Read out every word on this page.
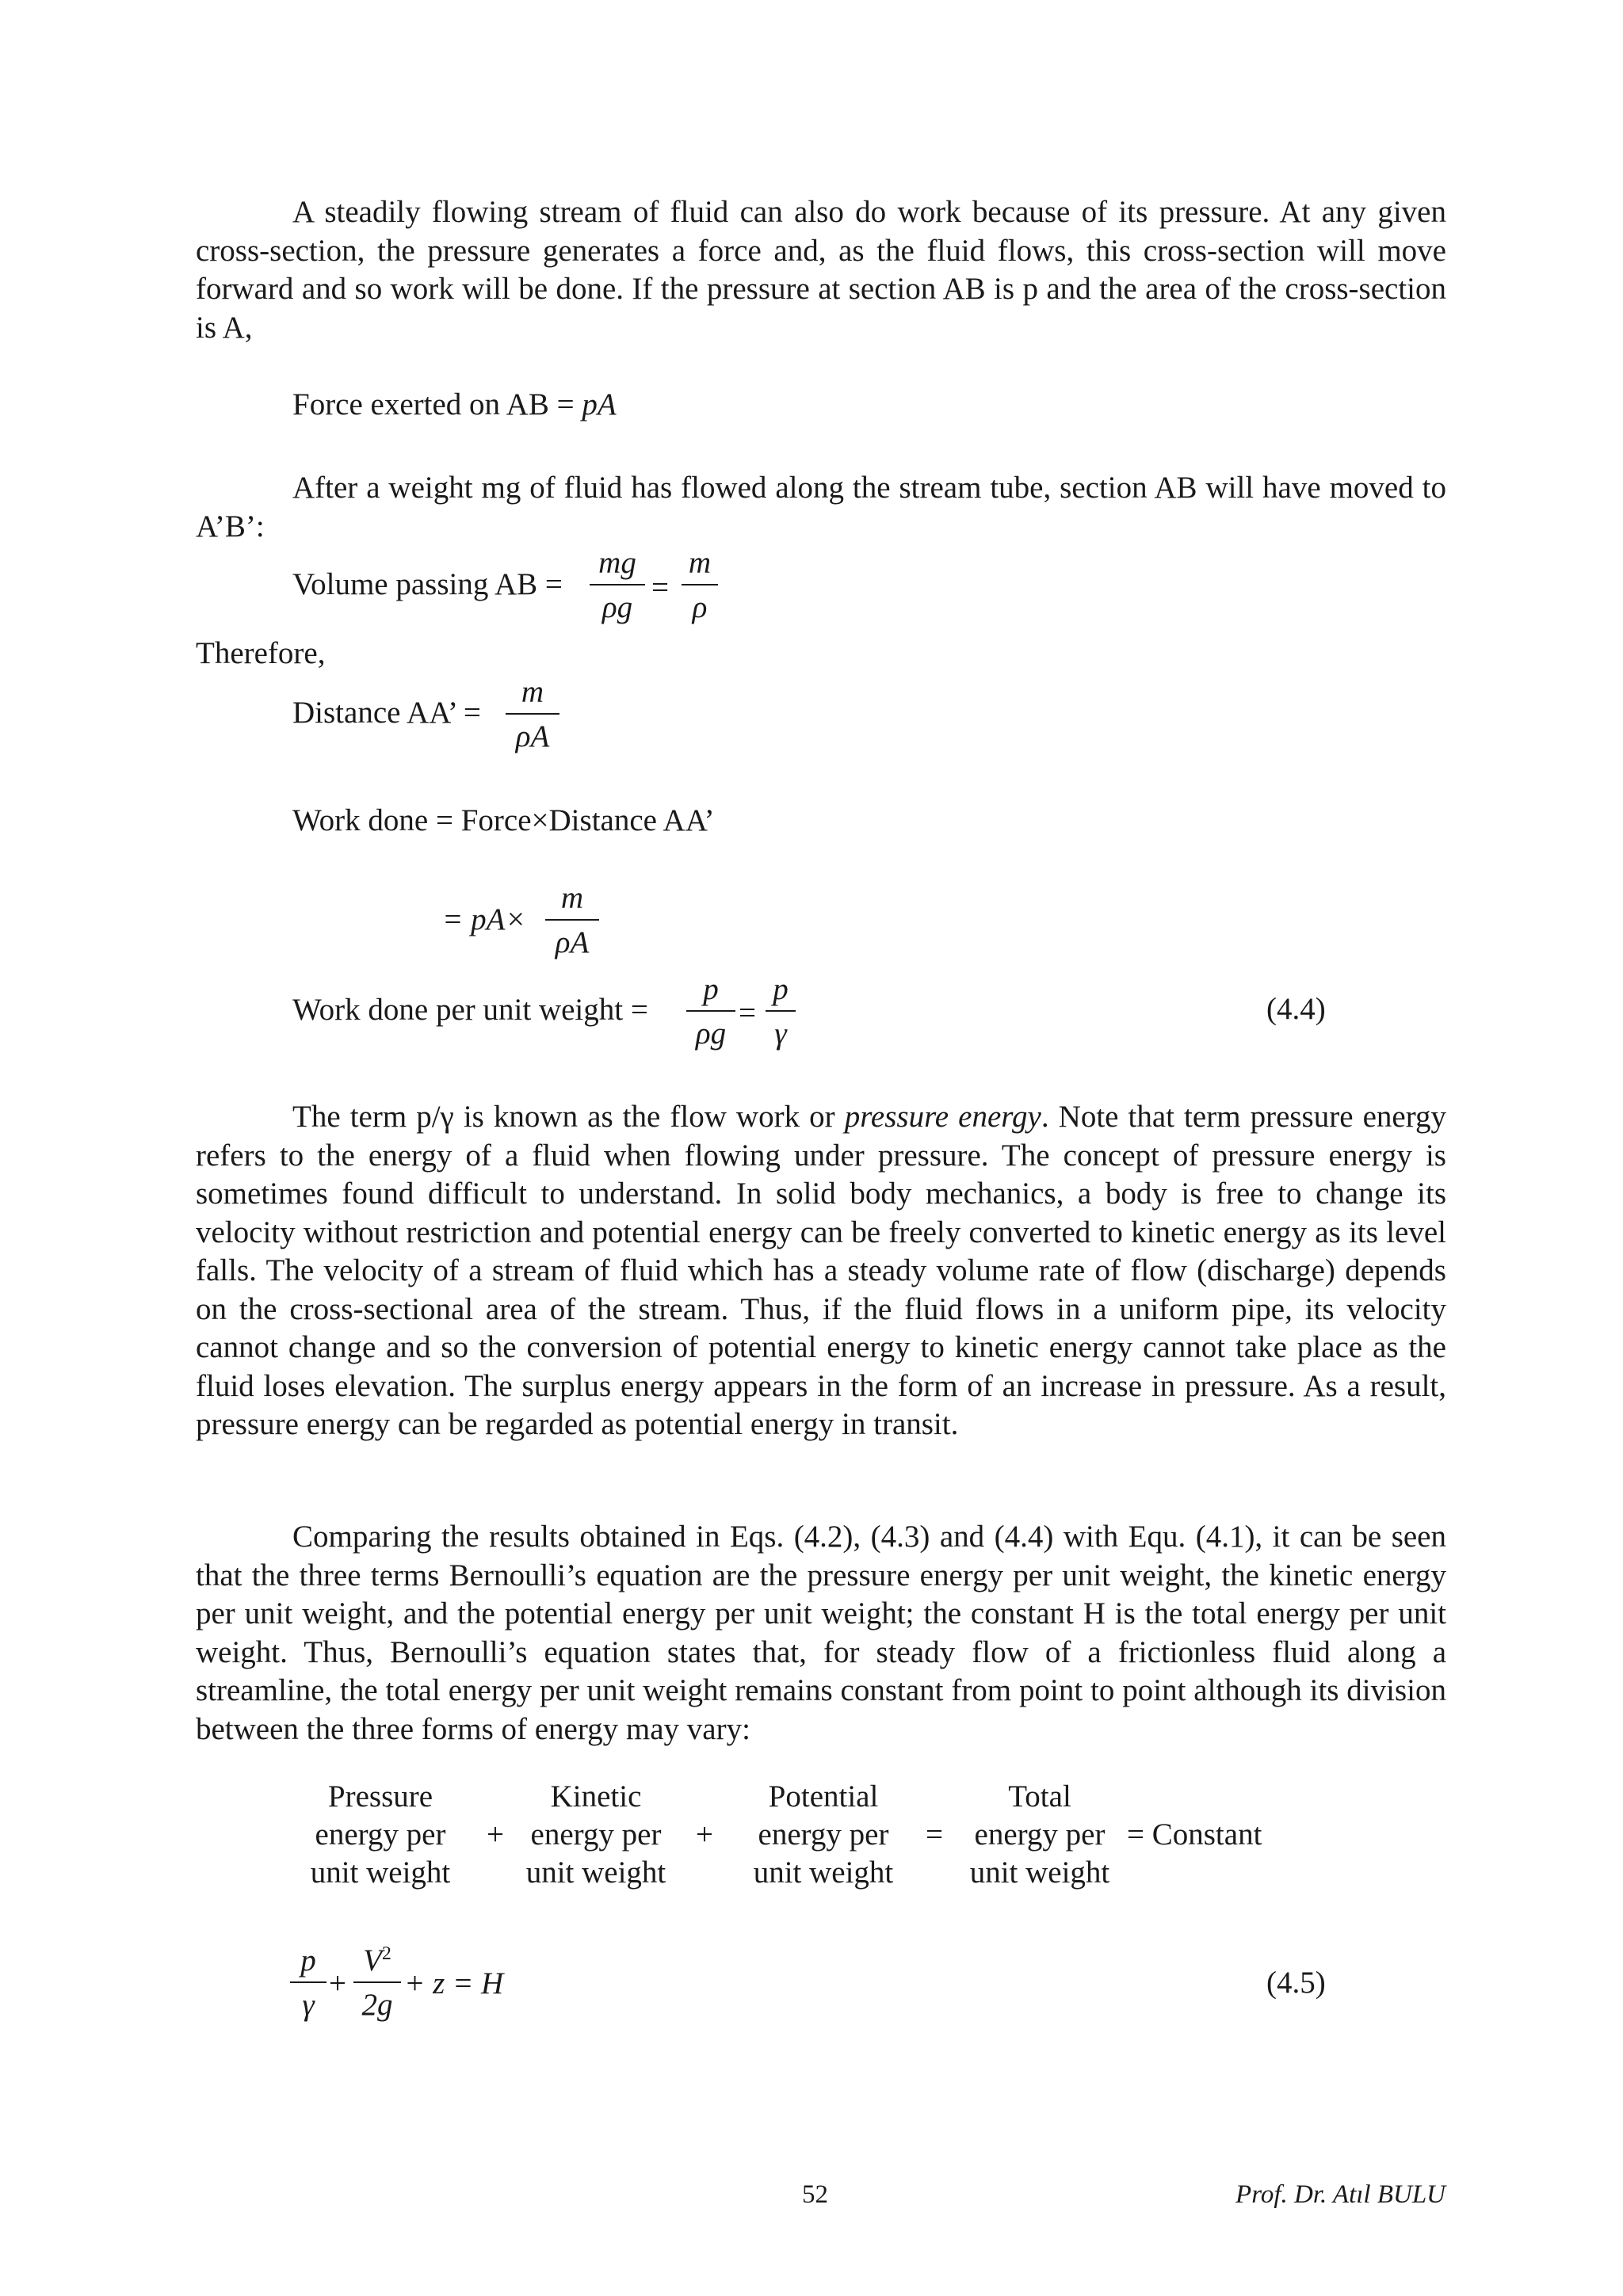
A steadily flowing stream of fluid can also do work because of its pressure. At any given cross-section, the pressure generates a force and, as the fluid flows, this cross-section will move forward and so work will be done. If the pressure at section AB is p and the area of the cross-section is A,

Force exerted on AB = pA

After a weight mg of fluid has flowed along the stream tube, section AB will have moved to A’B’:

Volume passing AB =
mg
ρg
=
m
ρ
Therefore,
Distance AA’ =
m
ρA
Work done = Force×Distance AA’
= pA×
m
ρA
Work done per unit weight =
p
ρg
=
p
γ
(4.4)

The term p/γ is known as the flow work or pressure energy. Note that term pressure energy refers to the energy of a fluid when flowing under pressure. The concept of pressure energy is sometimes found difficult to understand. In solid body mechanics, a body is free to change its velocity without restriction and potential energy can be freely converted to kinetic energy as its level falls. The velocity of a stream of fluid which has a steady volume rate of flow (discharge) depends on the cross-sectional area of the stream. Thus, if the fluid flows in a uniform pipe, its velocity cannot change and so the conversion of potential energy to kinetic energy cannot take place as the fluid loses elevation. The surplus energy appears in the form of an increase in pressure. As a result, pressure energy can be regarded as potential energy in transit.

Comparing the results obtained in Eqs. (4.2), (4.3) and (4.4) with Equ. (4.1), it can be seen that the three terms Bernoulli’s equation are the pressure energy per unit weight, the kinetic energy per unit weight, and the potential energy per unit weight; the constant H is the total energy per unit weight. Thus, Bernoulli’s equation states that, for steady flow of a frictionless fluid along a streamline, the total energy per unit weight remains constant from point to point although its division between the three forms of energy may vary:

Pressure
energy per
unit weight
+
Kinetic
energy per
unit weight
+
Potential
energy per
unit weight
=
Total
energy per
unit weight
= Constant
p
γ
+
$V^2$
2g
+ z = H	(4.5)
52	Prof. Dr. Atıl BULU
